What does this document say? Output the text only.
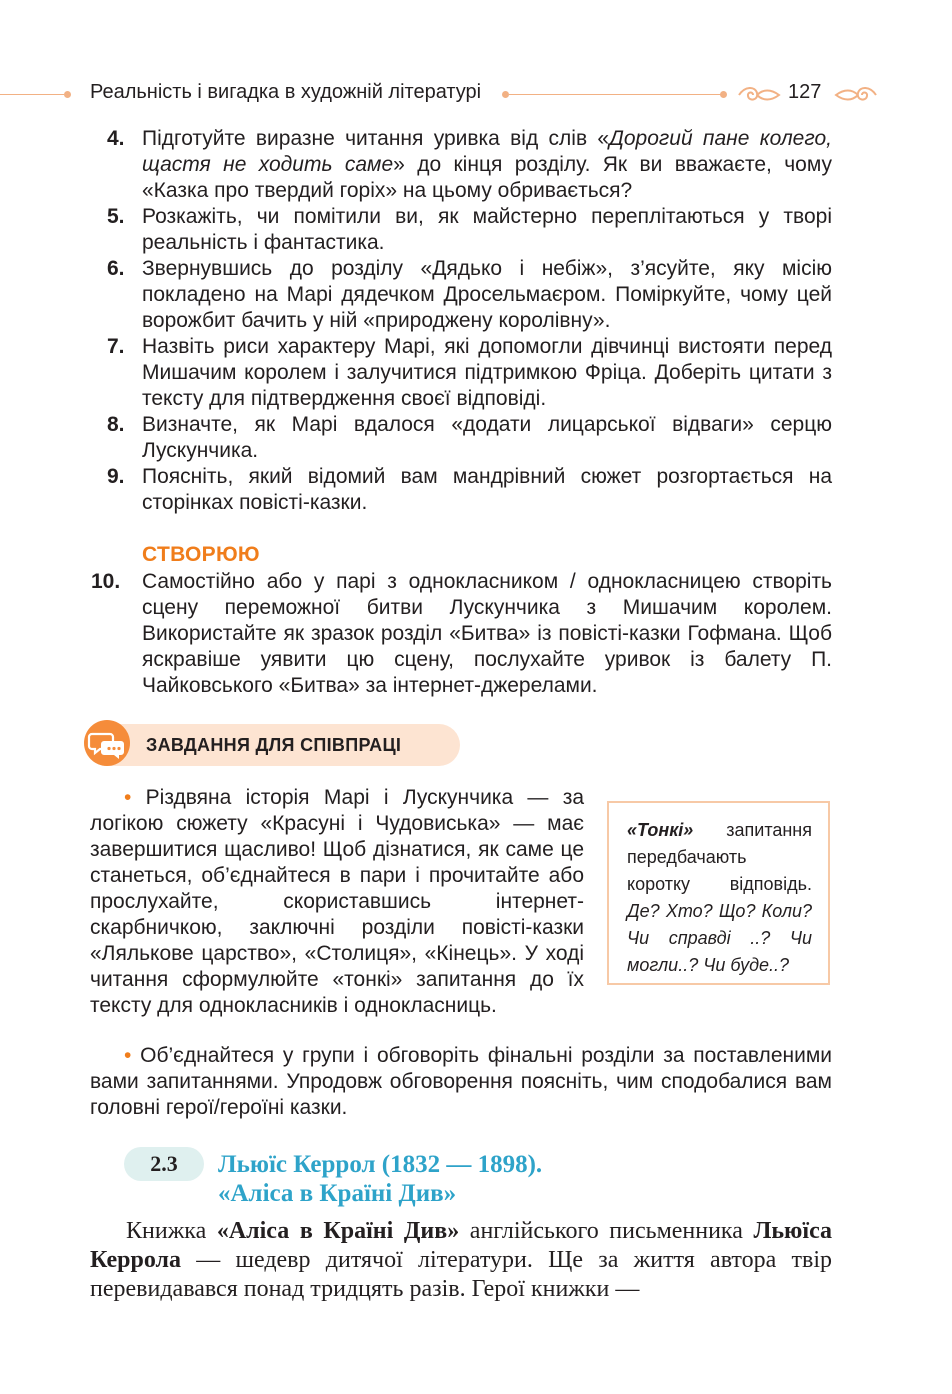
Реальність і вигадка в художній літературі	127
4. Підготуйте виразне читання уривка від слів «Дорогий пане колего, щастя не ходить саме» до кінця розділу. Як ви вважаєте, чому «Казка про твердий горіх» на цьому обривається?
5. Розкажіть, чи помітили ви, як майстерно переплітаються у творі реальність і фантастика.
6. Звернувшись до розділу «Дядько і небіж», з’ясуйте, яку місію покладено на Марі дядечком Дросельмаєром. Поміркуйте, чому цей ворожбит бачить у ній «природжену королівну».
7. Назвіть риси характеру Марі, які допомогли дівчинці вистояти перед Мишачим королем і залучитися підтримкою Фріца. Доберіть цитати з тексту для підтвердження своєї відповіді.
8. Визначте, як Марі вдалося «додати лицарської відваги» серцю Лускунчика.
9. Поясніть, який відомий вам мандрівний сюжет розгортається на сторінках повісті-казки.
СТВОРЮЮ
10. Самостійно або у парі з однокласником / однокласницею створіть сцену переможної битви Лускунчика з Мишачим королем. Використайте як зразок розділ «Битва» із повісті-казки Гофмана. Щоб яскравіше уявити цю сцену, послухайте уривок із балету П. Чайковського «Битва» за інтернет-джерелами.
ЗАВДАННЯ ДЛЯ СПІВПРАЦІ
• Різдвяна історія Марі і Лускунчика — за логікою сюжету «Красуні і Чудовиська» — має завершитися щасливо! Щоб дізнатися, як саме це станеться, об’єднайтеся в пари і прочитайте або прослухайте, скориставшись інтернет-скарбничкою, заключні розділи повісті-казки «Лялькове царство», «Столиця», «Кінець». У ході читання сформулюйте «тонкі» запитання до їх тексту для однокласників і однокласниць.
«Тонкі» запитання передбачають коротку відповідь. Де? Хто? Що? Коли? Чи справді ..? Чи могли..? Чи буде..?
• Об’єднайтеся у групи і обговоріть фінальні розділи за поставленими вами запитаннями. Упродовж обговорення поясніть, чим сподобалися вам головні герої/героїні казки.
2.3	Льюїс Керрол (1832 — 1898).
«Аліса в Країні Див»
Книжка «Аліса в Країні Див» англійського письменника Льюїса Керрола — шедевр дитячої літератури. Ще за життя автора твір перевидавався понад тридцять разів. Герої книжки —
